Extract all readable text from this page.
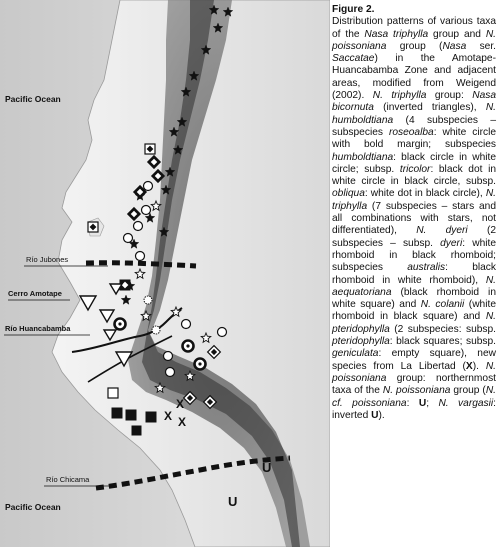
Pacific Ocean
Pacific Ocean
Río Jubones
Cerro Amotape
Río Huancabamba
Río Chicama
X
X
X
U
U
Figure 2.
Distribution patterns of various taxa of the Nasa triphylla group and N. poissoniana group (Nasa ser. Saccatae) in the Amotape-Huancabamba Zone and adjacent areas, modified from Weigend (2002). N. triphylla group: Nasa bicornuta (inverted triangles), N. humboldtiana (4 subspecies – subspecies roseoalba: white circle with bold margin; subspecies humboldtiana: black circle in white circle; subsp. tricolor: black dot in white circle in black circle, subsp. obliqua: white dot in black circle), N. triphylla (7 subspecies – stars and all combinations with stars, not differentiated), N. dyeri (2 subspecies – subsp. dyeri: white rhomboid in black rhomboid; subspecies australis: black rhomboid in white rhomboid), N. aequatoriana (black rhomboid in white square) and N. colanii (white rhomboid in black square) and N. pteridophylla (2 subspecies: subsp. pteridophylla: black squares; subsp. geniculata: empty square), new species from La Libertad (X). N. poissoniana group: northernmost taxa of the N. poissoniana group (N. cf. poissoniana: U; N. vargasii: inverted U).
